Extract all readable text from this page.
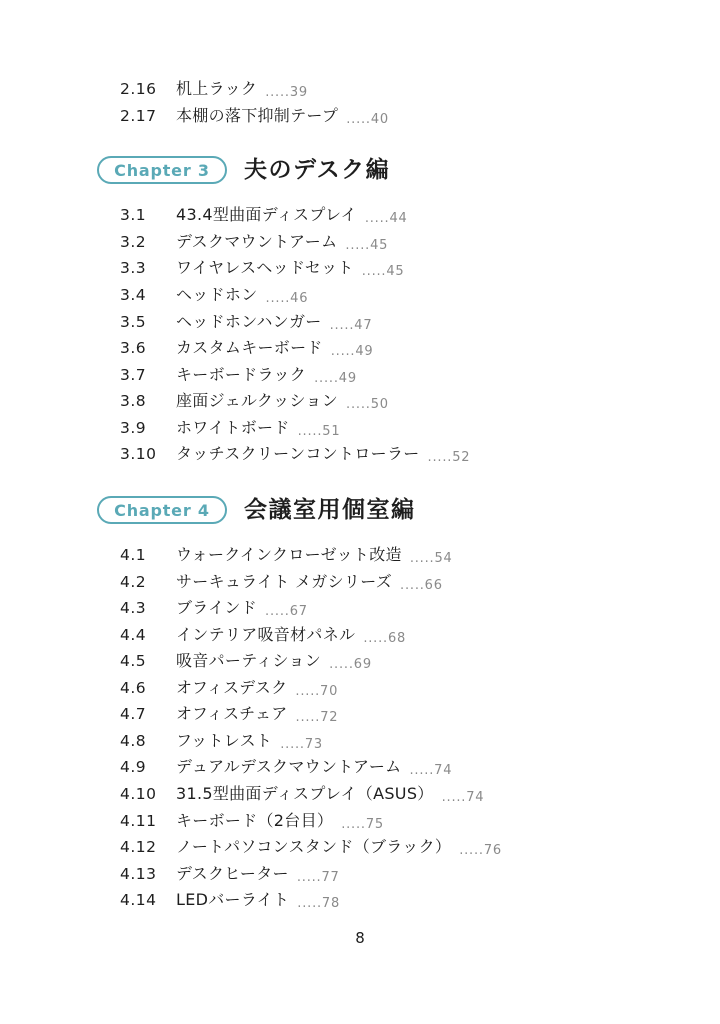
2.16 机上ラック .....39
2.17 本棚の落下抑制テープ .....40
Chapter 3	夫のデスク編
3.1 43.4型曲面ディスプレイ .....44
3.2 デスクマウントアーム .....45
3.3 ワイヤレスヘッドセット .....45
3.4 ヘッドホン .....46
3.5 ヘッドホンハンガー .....47
3.6 カスタムキーボード .....49
3.7 キーボードラック .....49
3.8 座面ジェルクッション .....50
3.9 ホワイトボード .....51
3.10 タッチスクリーンコントローラー .....52
Chapter 4	会議室用個室編
4.1 ウォークインクローゼット改造 .....54
4.2 サーキュライト メガシリーズ .....66
4.3 ブラインド .....67
4.4 インテリア吸音材パネル .....68
4.5 吸音パーティション .....69
4.6 オフィスデスク .....70
4.7 オフィスチェア .....72
4.8 フットレスト .....73
4.9 デュアルデスクマウントアーム .....74
4.10 31.5型曲面ディスプレイ（ASUS） .....74
4.11 キーボード（2台目） .....75
4.12 ノートパソコンスタンド（ブラック） .....76
4.13 デスクヒーター .....77
4.14 LEDバーライト .....78
8
